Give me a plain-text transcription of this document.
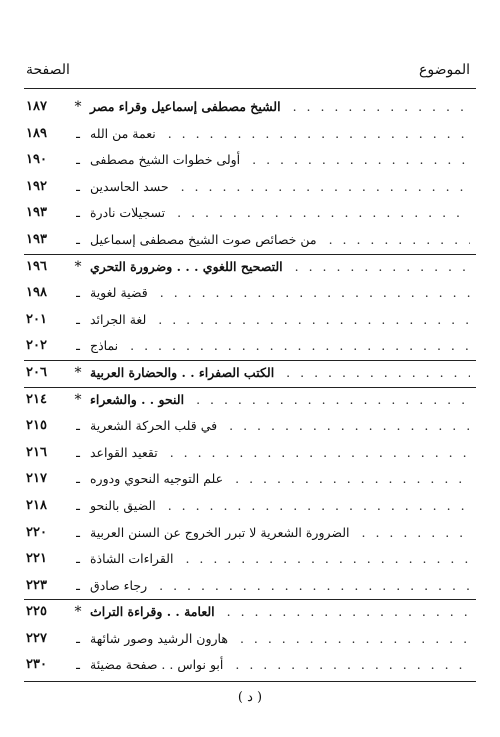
الموضوع
الصفحة
* الشيخ مصطفى إسماعيل وقراء مصر
. . .
١٨٧
ـ نعمة من الله
. . .
١٨٩
ـ أولى خطوات الشيخ مصطفى
. . .
١٩٠
ـ حسد الحاسدين
. . .
١٩٢
ـ تسجيلات نادرة
. . .
١٩٣
ـ من خصائص صوت الشيخ مصطفى إسماعيل
. . .
١٩٣
* التصحيح اللغوي . . . وضرورة التحري
. . .
١٩٦
ـ قضية لغوية
. . .
١٩٨
ـ لغة الجرائد
. . .
٢٠١
ـ نماذج
. . .
٢٠٢
* الكتب الصفراء . . والحضارة العربية
. . .
٢٠٦
* النحو . . والشعراء
. . .
٢١٤
ـ في قلب الحركة الشعرية
. . .
٢١٥
ـ تقعيد القواعد
. . .
٢١٦
ـ علم التوجيه النحوي ودوره
. . .
٢١٧
ـ الضيق بالنحو
. . .
٢١٨
ـ الضرورة الشعرية لا تبرر الخروج عن السنن العربية
. . .
٢٢٠
ـ القراءات الشاذة
. . .
٢٢١
ـ رجاء صادق
. . .
٢٢٣
* العامة . . وقراءة التراث
. . .
٢٢٥
ـ هارون الرشيد وصور شائهة
. . .
٢٢٧
ـ أبو نواس . . صفحة مضيئة
. . .
٢٣٠
( د )
